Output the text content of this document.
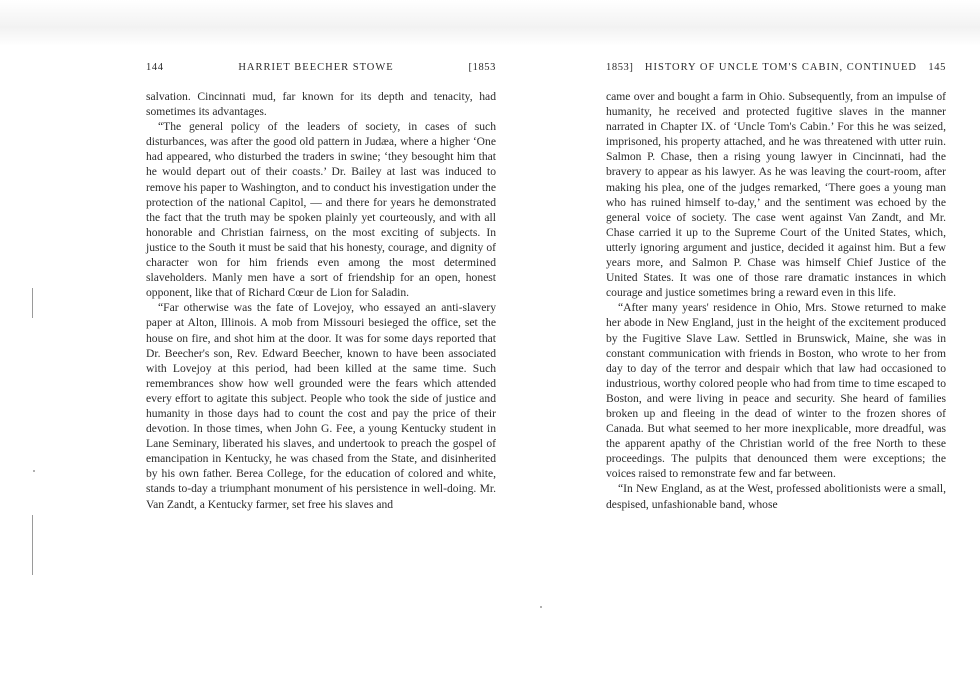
144	HARRIET BEECHER STOWE	[1853

salvation. Cincinnati mud, far known for its depth and tenacity, had sometimes its advantages.

“The general policy of the leaders of society, in cases of such disturbances, was after the good old pattern in Judæa, where a higher ‘One had appeared, who disturbed the traders in swine; ‘they besought him that he would depart out of their coasts.’ Dr. Bailey at last was induced to remove his paper to Washington, and to conduct his investigation under the protection of the national Capitol, — and there for years he demonstrated the fact that the truth may be spoken plainly yet courteously, and with all honorable and Christian fairness, on the most exciting of subjects. In justice to the South it must be said that his honesty, courage, and dignity of character won for him friends even among the most determined slaveholders. Manly men have a sort of friendship for an open, honest opponent, like that of Richard Cœur de Lion for Saladin.

“Far otherwise was the fate of Lovejoy, who essayed an anti-slavery paper at Alton, Illinois. A mob from Missouri besieged the office, set the house on fire, and shot him at the door. It was for some days reported that Dr. Beecher's son, Rev. Edward Beecher, known to have been associated with Lovejoy at this period, had been killed at the same time. Such remembrances show how well grounded were the fears which attended every effort to agitate this subject. People who took the side of justice and humanity in those days had to count the cost and pay the price of their devotion. In those times, when John G. Fee, a young Kentucky student in Lane Seminary, liberated his slaves, and undertook to preach the gospel of emancipation in Kentucky, he was chased from the State, and disinherited by his own father. Berea College, for the education of colored and white, stands to-day a triumphant monument of his persistence in well-doing. Mr. Van Zandt, a Kentucky farmer, set free his slaves and

1853] HISTORY OF UNCLE TOM'S CABIN, CONTINUED 145

came over and bought a farm in Ohio. Subsequently, from an impulse of humanity, he received and protected fugitive slaves in the manner narrated in Chapter IX. of ‘Uncle Tom's Cabin.’ For this he was seized, imprisoned, his property attached, and he was threatened with utter ruin. Salmon P. Chase, then a rising young lawyer in Cincinnati, had the bravery to appear as his lawyer. As he was leaving the court-room, after making his plea, one of the judges remarked, ‘There goes a young man who has ruined himself to-day,’ and the sentiment was echoed by the general voice of society. The case went against Van Zandt, and Mr. Chase carried it up to the Supreme Court of the United States, which, utterly ignoring argument and justice, decided it against him. But a few years more, and Salmon P. Chase was himself Chief Justice of the United States. It was one of those rare dramatic instances in which courage and justice sometimes bring a reward even in this life.

“After many years' residence in Ohio, Mrs. Stowe returned to make her abode in New England, just in the height of the excitement produced by the Fugitive Slave Law. Settled in Brunswick, Maine, she was in constant communication with friends in Boston, who wrote to her from day to day of the terror and despair which that law had occasioned to industrious, worthy colored people who had from time to time escaped to Boston, and were living in peace and security. She heard of families broken up and fleeing in the dead of winter to the frozen shores of Canada. But what seemed to her more inexplicable, more dreadful, was the apparent apathy of the Christian world of the free North to these proceedings. The pulpits that denounced them were exceptions; the voices raised to remonstrate few and far between.

“In New England, as at the West, professed abolitionists were a small, despised, unfashionable band, whose
